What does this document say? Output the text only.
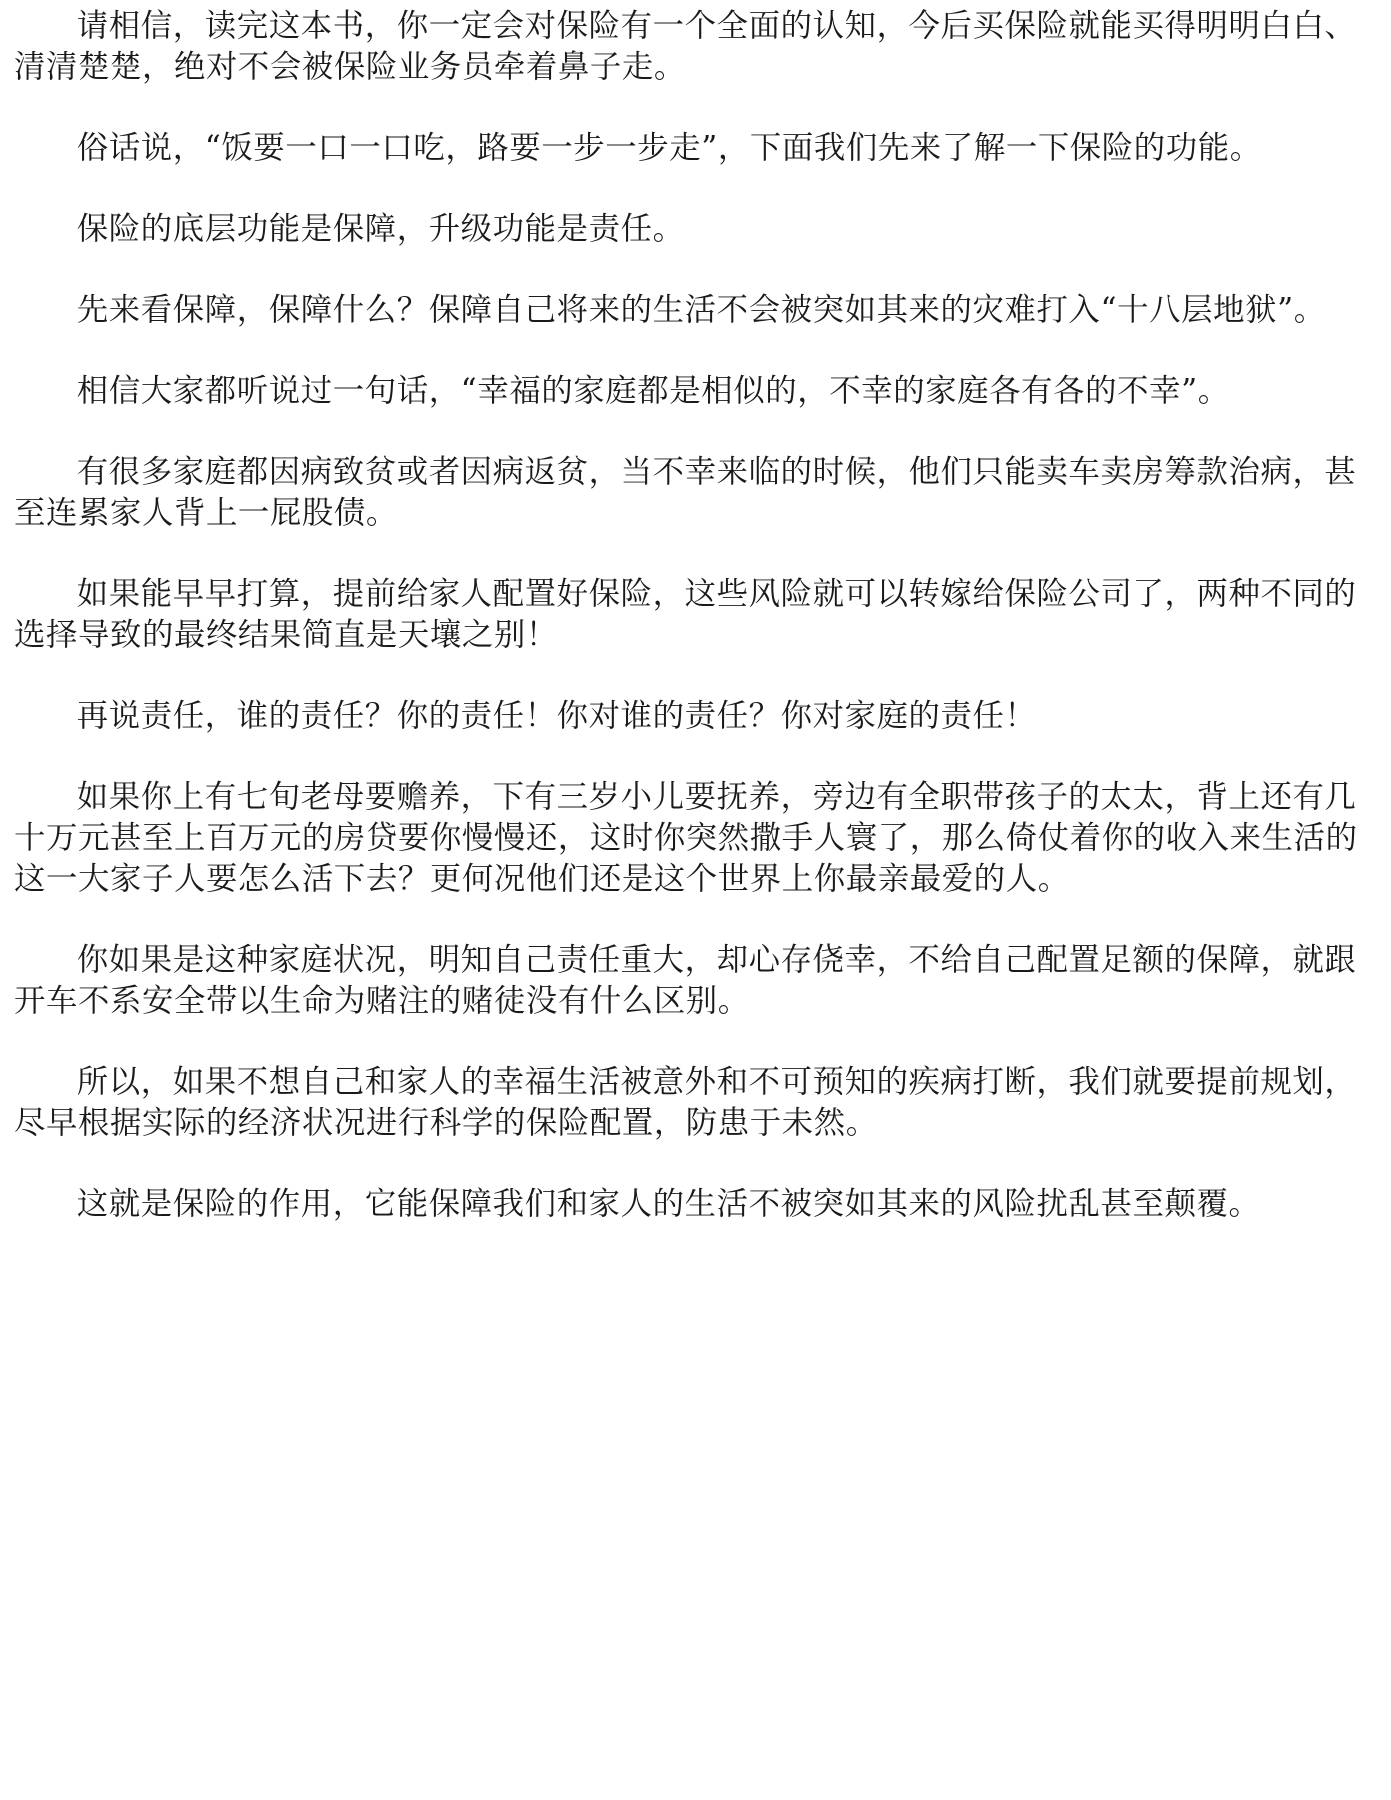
请相信，读完这本书，你一定会对保险有一个全面的认知，今后买保险就能买得明明白白、清清楚楚，绝对不会被保险业务员牵着鼻子走。

俗话说，“饭要一口一口吃，路要一步一步走”，下面我们先来了解一下保险的功能。

保险的底层功能是保障，升级功能是责任。

先来看保障，保障什么？保障自己将来的生活不会被突如其来的灾难打入“十八层地狱”。

相信大家都听说过一句话，“幸福的家庭都是相似的，不幸的家庭各有各的不幸”。

有很多家庭都因病致贫或者因病返贫，当不幸来临的时候，他们只能卖车卖房筹款治病，甚至连累家人背上一屁股债。

如果能早早打算，提前给家人配置好保险，这些风险就可以转嫁给保险公司了，两种不同的选择导致的最终结果简直是天壤之别！

再说责任，谁的责任？你的责任！你对谁的责任？你对家庭的责任！

如果你上有七旬老母要赡养，下有三岁小儿要抚养，旁边有全职带孩子的太太，背上还有几十万元甚至上百万元的房贷要你慢慢还，这时你突然撒手人寰了，那么倚仗着你的收入来生活的这一大家子人要怎么活下去？更何况他们还是这个世界上你最亲最爱的人。

你如果是这种家庭状况，明知自己责任重大，却心存侥幸，不给自己配置足额的保障，就跟开车不系安全带以生命为赌注的赌徒没有什么区别。

所以，如果不想自己和家人的幸福生活被意外和不可预知的疾病打断，我们就要提前规划，尽早根据实际的经济状况进行科学的保险配置，防患于未然。

这就是保险的作用，它能保障我们和家人的生活不被突如其来的风险扰乱甚至颠覆。
